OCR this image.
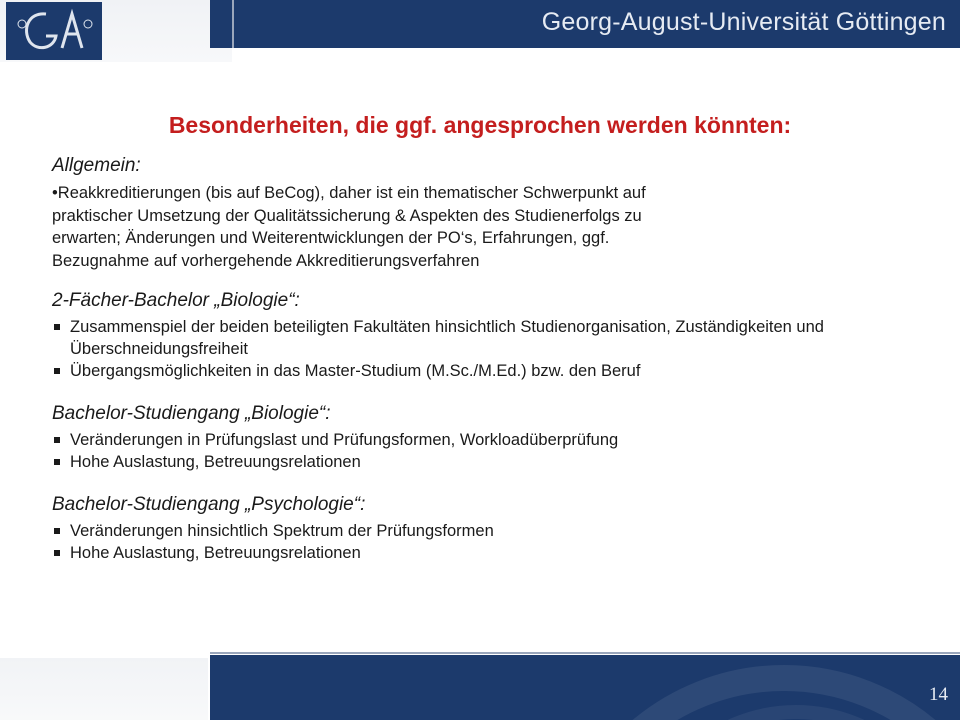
Georg-August-Universität Göttingen
Besonderheiten, die ggf. angesprochen werden könnten:

Allgemein:

•Reakkreditierungen (bis auf BeCog), daher ist ein thematischer Schwerpunkt auf
praktischer Umsetzung der Qualitätssicherung & Aspekten des Studienerfolgs zu
erwarten; Änderungen und Weiterentwicklungen der PO‘s, Erfahrungen, ggf.
Bezugnahme auf vorhergehende Akkreditierungsverfahren

2-Fächer-Bachelor „Biologie“:

Zusammenspiel der beiden beteiligten Fakultäten hinsichtlich Studienorganisation, Zuständigkeiten und Überschneidungsfreiheit
Übergangsmöglichkeiten in das Master-Studium (M.Sc./M.Ed.) bzw. den Beruf

Bachelor-Studiengang „Biologie“:

Veränderungen in Prüfungslast und Prüfungsformen, Workloadüberprüfung
Hohe Auslastung, Betreuungsrelationen

Bachelor-Studiengang „Psychologie“:

Veränderungen hinsichtlich Spektrum der Prüfungsformen
Hohe Auslastung, Betreuungsrelationen
14
